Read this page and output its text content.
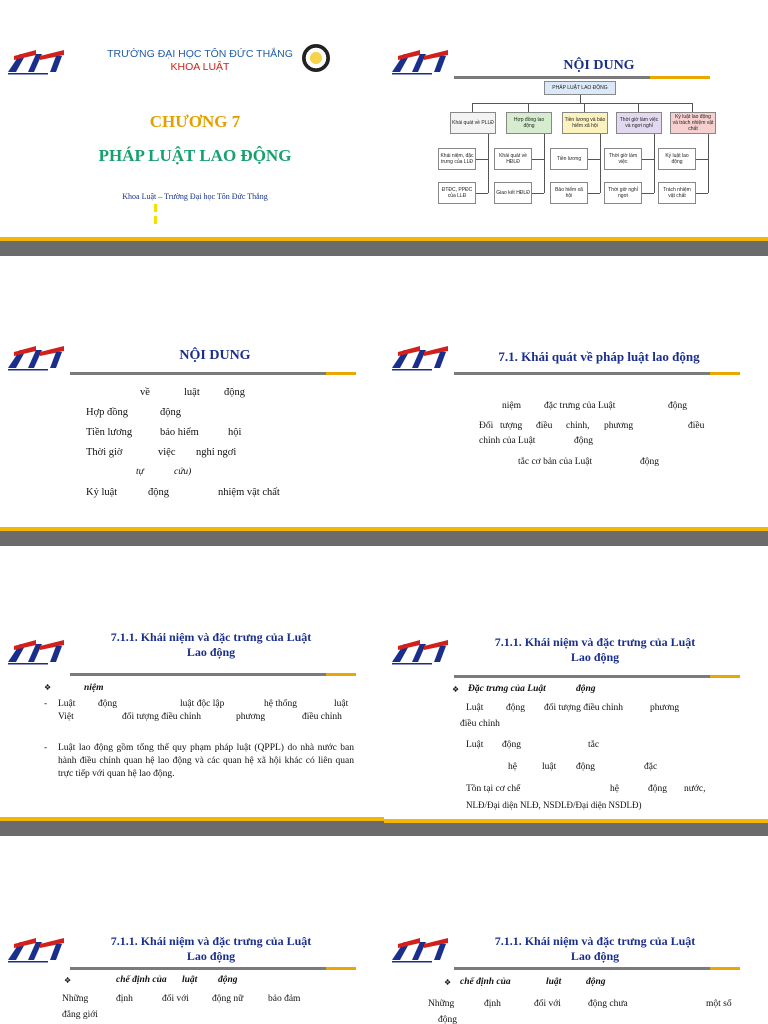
TRƯỜNG ĐẠI HỌC TÔN ĐỨC THẮNG
KHOA LUẬT
CHƯƠNG 7
PHÁP LUẬT LAO ĐỘNG
Khoa Luật – Trường Đại học Tôn Đức Thắng
NỘI DUNG
PHÁP LUẬT LAO ĐỘNG
Khái quát về PLLĐ
Khái niệm, đặc trưng của LLĐ
ĐTĐC, PPĐC của LLĐ
Hợp đồng lao động
Khái quát về HĐLĐ
Giao kết HĐLĐ
Tiền lương và bảo hiểm xã hội
Tiền lương
Bảo hiểm xã hội
Thời giờ làm việc và ngơi nghỉ
Thời giờ làm việc
Thời giờ nghỉ ngơi
Kỷ luật lao động và trách nhiệm vật chất
Kỷ luật lao động
Trách nhiệm vật chất
NỘI DUNG
về	luật động
Hợp đồng	động
Tiền lương	bảo hiểm	hội
Thời giờ	việc nghỉ ngơi
tự	cứu)
Kỷ luật	động	nhiệm vật chất
7.1. Khái quát về pháp luật lao động
niệm đặc trưng của Luật	động
Đối tượng điều chỉnh, phương	điều
chỉnh của Luật	động
tắc cơ bản của Luật	động
7.1.1. Khái niệm và đặc trưng của Luật
Lao động
❖	niệm
- Luật động	luật độc lập	hệ thống	luật
Việt	đối tượng điều chỉnh	phương	điều chỉnh
- Luật lao động gồm tổng thể quy phạm pháp luật (QPPL) do nhà nước ban hành điều chỉnh quan hệ lao động và các quan hệ xã hội khác có liên quan trực tiếp với quan hệ lao động.
7.1.1. Khái niệm và đặc trưng của Luật
Lao động
❖ Đặc trưng của Luật	động
Luật động đối tượng điều chỉnh	phương
điều chỉnh
Luật động	tắc
hệ	luật động	đặc
Tồn tại cơ chế	hệ	động nước,
NLĐ/Đại diện NLĐ, NSDLĐ/Đại diện NSDLĐ)
7.1.1. Khái niệm và đặc trưng của Luật
Lao động
❖	chế định của luật động
Những	định	đối với động nữ	bảo đảm
đẳng giới
7.1.1. Khái niệm và đặc trưng của Luật
Lao động
❖ chế định của	luật	động
Những	định	đối với	động chưa	một số
động
